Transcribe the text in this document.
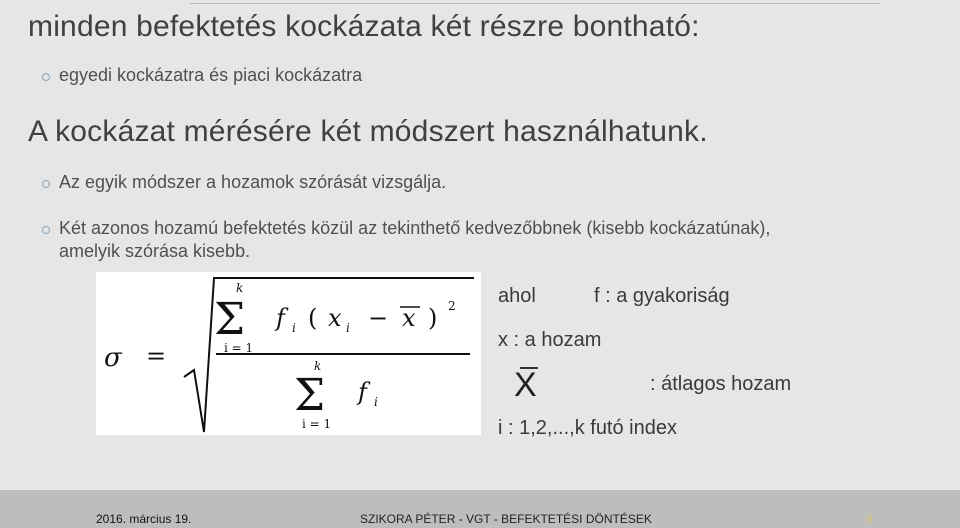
minden befektetés kockázata két részre bontható:
egyedi kockázatra és piaci kockázatra
A kockázat mérésére két módszert használhatunk.
Az egyik módszer a hozamok szórását vizsgálja.
Két azonos hozamú befektetés közül az tekinthető kedvezőbbnek (kisebb kockázatúnak),
amelyik szórása kisebb.
σ =
k
Σ
i = 1
f i ( x i − x ) 2
k
Σ
i = 1
f i
ahol	f : a gyakoriság
x : a hozam
X	: átlagos hozam
i : 1,2,...,k futó index
2016. március 19.	SZIKORA PÉTER - VGT - BEFEKTETÉSI DÖNTÉSEK	9
